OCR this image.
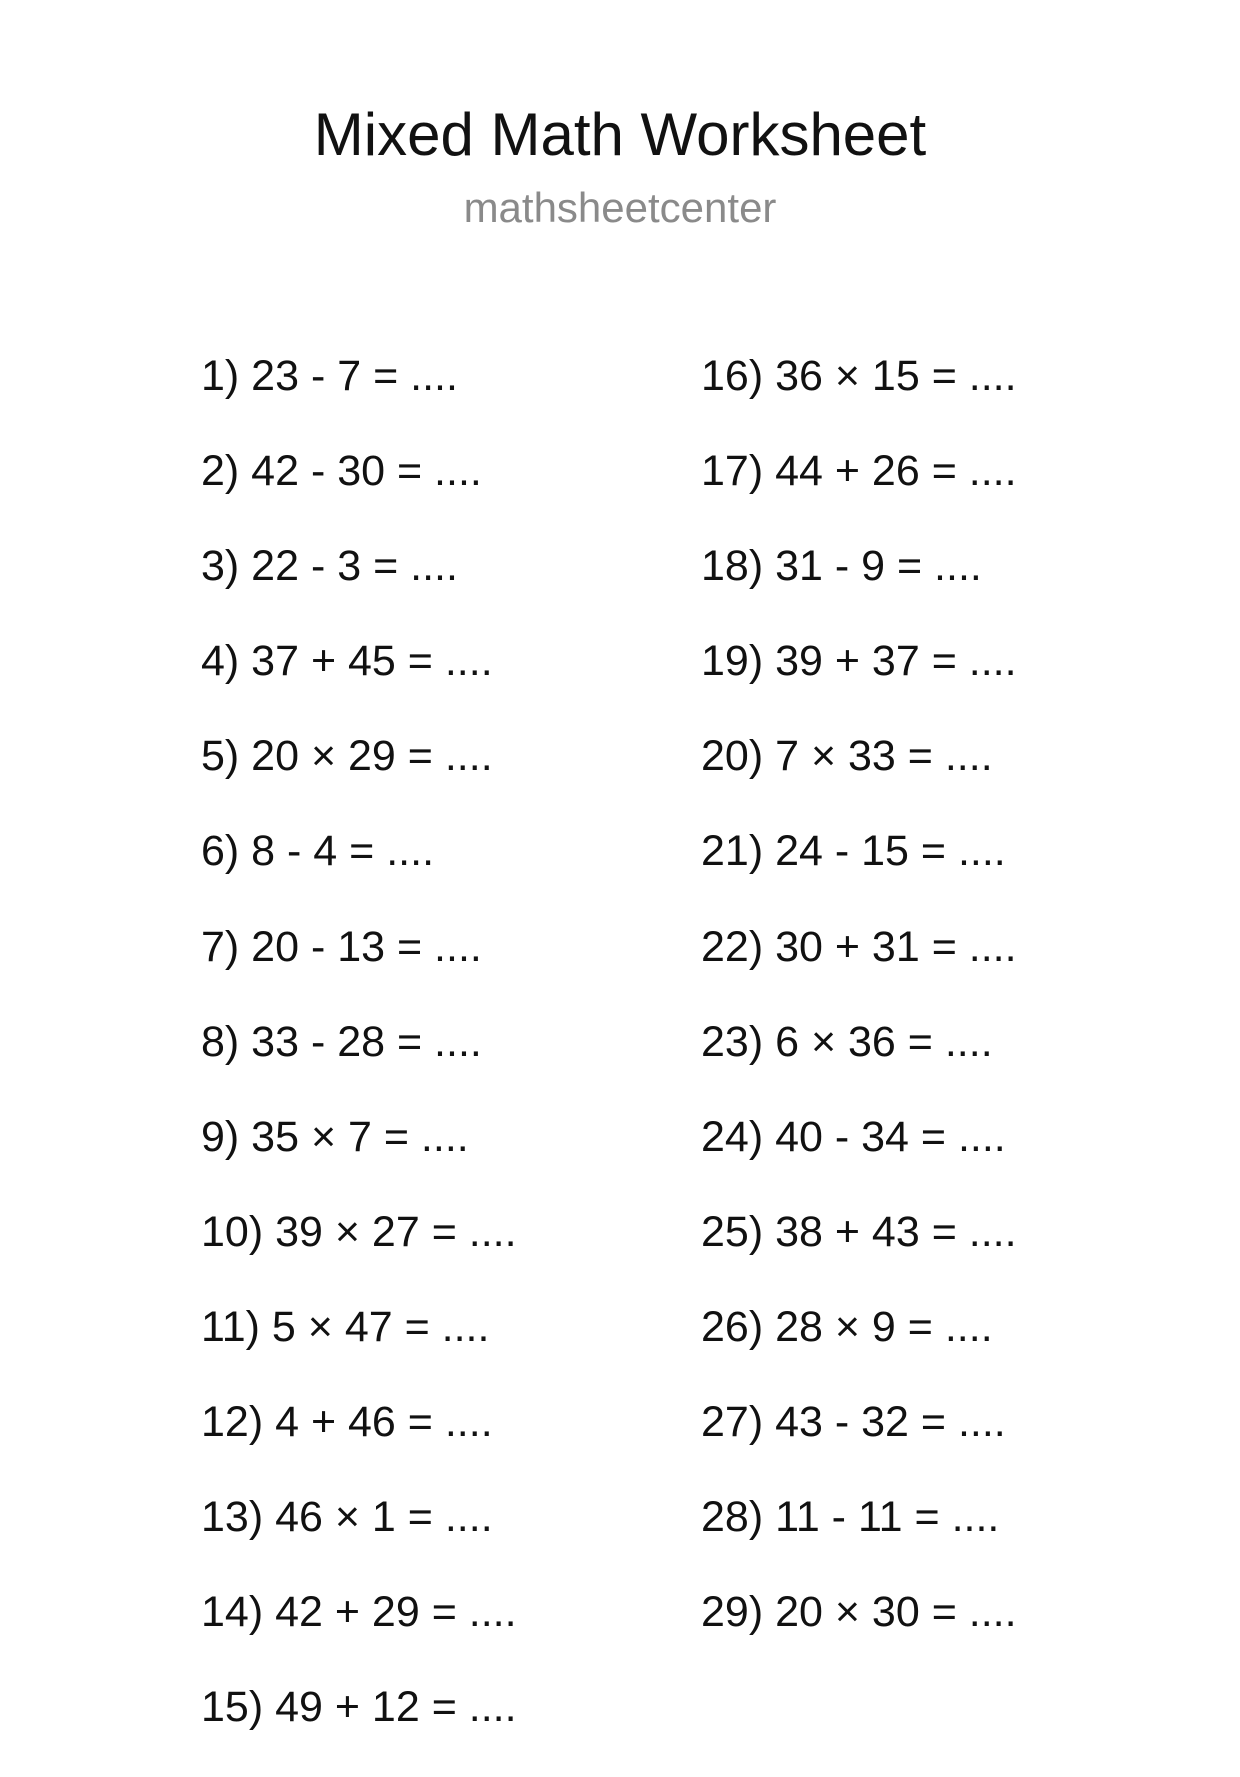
Mixed Math Worksheet
mathsheetcenter
1) 23 - 7 = ....
2) 42 - 30 = ....
3) 22 - 3 = ....
4) 37 + 45 = ....
5) 20 × 29 = ....
6) 8 - 4 = ....
7) 20 - 13 = ....
8) 33 - 28 = ....
9) 35 × 7 = ....
10) 39 × 27 = ....
11) 5 × 47 = ....
12) 4 + 46 = ....
13) 46 × 1 = ....
14) 42 + 29 = ....
15) 49 + 12 = ....
16) 36 × 15 = ....
17) 44 + 26 = ....
18) 31 - 9 = ....
19) 39 + 37 = ....
20) 7 × 33 = ....
21) 24 - 15 = ....
22) 30 + 31 = ....
23) 6 × 36 = ....
24) 40 - 34 = ....
25) 38 + 43 = ....
26) 28 × 9 = ....
27) 43 - 32 = ....
28) 11 - 11 = ....
29) 20 × 30 = ....
